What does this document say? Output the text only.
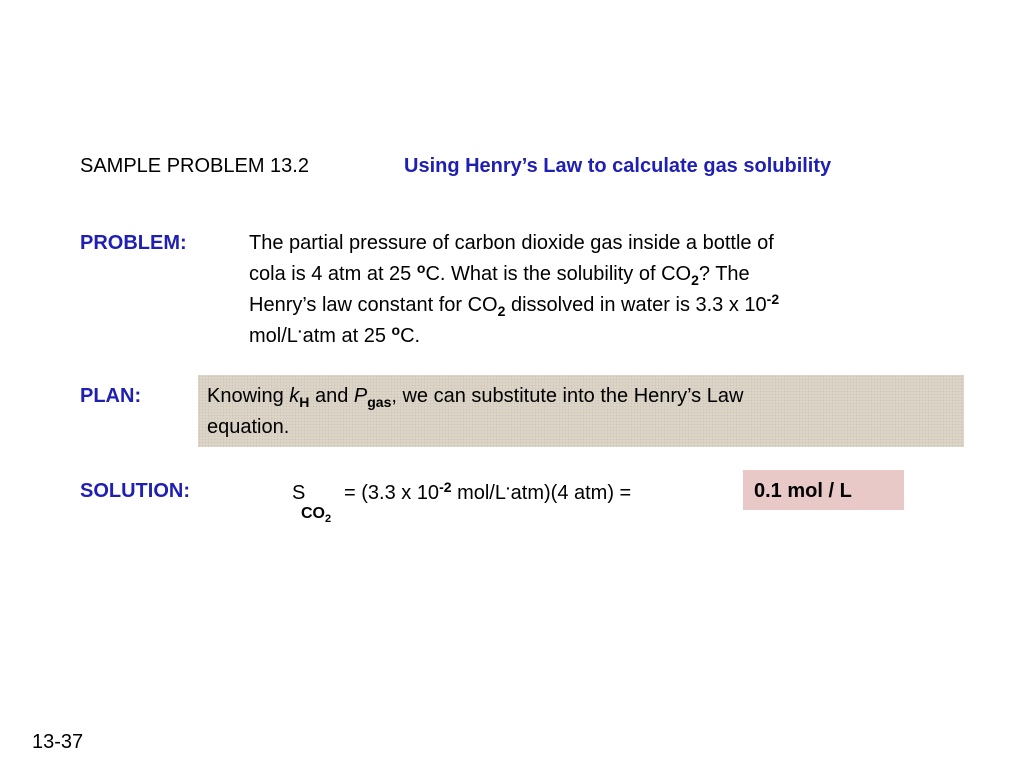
SAMPLE PROBLEM 13.2	Using Henry’s Law to calculate gas solubility
PROBLEM:	The partial pressure of carbon dioxide gas inside a bottle of
cola is 4 atm at 25 $^o$C. What is the solubility of $CO_2$? The
Henry’s law constant for $CO_2$ dissolved in water is 3.3 x $10^{-2}$
mol/L·atm at 25 $^o$C.
PLAN:	Knowing $k_H$ and $P_{gas}$, we can substitute into the Henry’s Law
equation.
SOLUTION:	S
$CO_2$
= (3.3 x $10^{-2}$ mol/L·atm)(4 atm) =	0.1 mol / L
13-37
